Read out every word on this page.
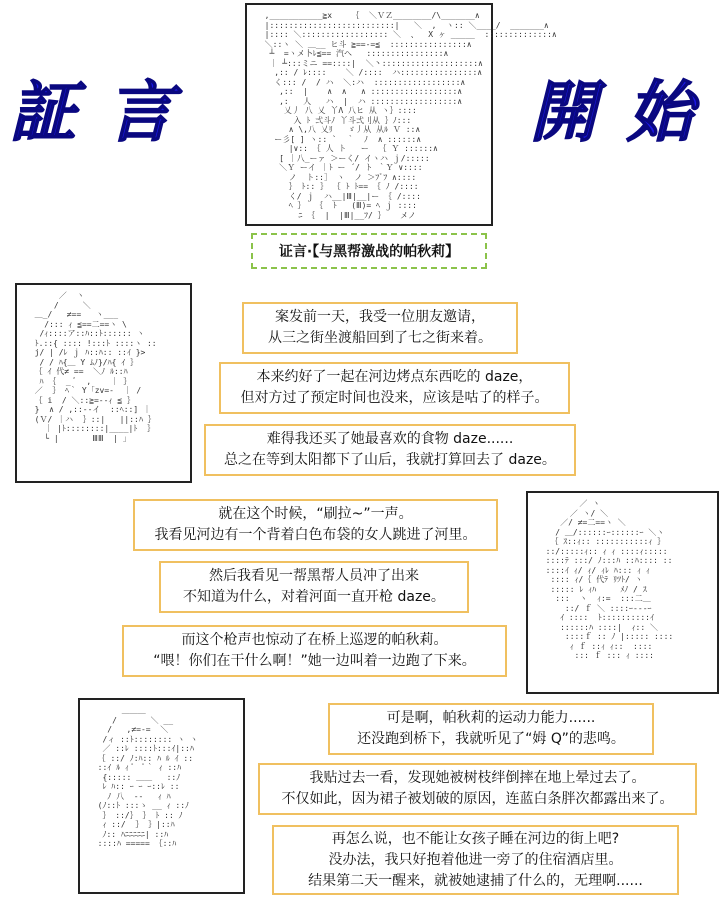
証 言	開 始
,___________≧x    ｛  ＼ＶＺ________/\_______∧
|::::::::::::::::::::::::::|   ＼  ,  ヽ:: ＼____/  _______∧
|:::: ＼:::::::::::::::::: ＼  、  X ヶ _____  ::::::::::::::∧
＼::ヽ ＼ ＿__ ヒ斗 ≧==-=≦  ::::::::::::::::∧
┴  =ヽメ卜ﾚ≦== 汽ヘ   ::::::::::::::::∧
｜ ┴:::ミニ ==::::|  ＼丶::::::::::::::::::::∧
,:: / ﾚ::::    ＼ /::::  ハ::::::::::::::::∧
く::: /  / ハ  ＼:ハ  ::::::::::::::::::∧
,::  |    ∧  ∧   ∧ ::::::::::::::::::∧
,:   人   ハ  |  ハ ::::::::::::::::::∧
乂丿 八 乂 丫Λ 八ヒ 从 ヽ｝::::
入 ﾄ 弍斗ﾉ 丫斗弍刂从 ｝ﾉ:::
∧ \,八 乂ﾘ   ゞ丿从 从ﾙ Ｖ ::∧
ー彡[ ] ヽ:: `  ｀  ﾉ  ∧ ::::::∧
|∨:: ｛ 人 ト   ー  ｛ Ｙ ::::::∧
[ ｜八_ーァ ＞ーく/ イヽハ ｊ/:::::
＼Ｙ ーイ ｜ﾄ ー ´/ ト ｀Ｙ ∨::::
ノ  ト::］ ヽ  ノ ＞ﾌﾞﾌ ∧::::
｝ ﾄ:: ｝ ｛ ﾄ ﾄ== ｛ ﾉ /::::
く/ ｊ  ハ__|Ⅲ|__|ー ｛ /::::
ﾍ ｝  ｛  ﾄ   (Ⅲ)= ﾍ ｊ ::::
ﾆ ｛  |  |Ⅲ|__ﾌ/ ｝   メノ
证言·【与黑帮激战的帕秋莉】
／  ヽ
/     ＼
＿_/   ≠==   ヽ___
/::: ｨ ≦==二==ヽ \
/ｨ::::ア::ﾊ::ﾄ:::::: ヽ
ﾄ.::{ :::: !:::ﾄ ::::ヽ ::
j/ | /ﾚ ｊ ﾊ::ﾊ:: ::ｲ }>
/ / ﾊ{＿ Y ﾑﾉ}/ﾊ{ ｲ ｝
｛ ｲ 代≠ ==  ＼ﾉ ﾙ::ﾊ
ﾊ ｛  _ ﾞ  ,    ｜ ｝
／  ｝ ﾍ｀ Y「zv=-  ｜ /
｛ i  / ＼::≧=--ｨ ≦ ｝
}  ∧ / ,::--イ  ::ﾍ::] ｜
(Ｖ/ ｜ハ  ｝::|   ||::ﾊ ｝
｜ |ﾄ::::::::|____|ﾄ  ｝
└ |       ⅢⅢ  | ｣
／ ヽ
／ ヽ/ ＼
／/ ≠=二==ヽ ＼
/ ＿/::::::ｰ::::::ｰ ＼ヽ
｛ ｽ::ｨ:: :::::::::::ｨ ｝
::/:::::ｨ:: ｨ ｨ ::::ｨ:::::
::::ﾃ :::/ ﾉ:::ﾊ ::ﾊ:::: ::
::::ｲ ｨ/ ｨ/ ｨﾚ ﾊ::: ｨ ｨ
:::: ｨ/｛ 代ﾃ ﾘﾂﾄ/ ヽ
::::: ﾚ ｨﾊ     ﾒﾉ / ｽ
:::  ヽ  ｨ:=  :::二＿
::/ ｆ ＼ ::::ｰ---ｰ
ｲ ::::  ﾄ::::::::::ｲ
::::::ﾊ ::::|  ｨ:: ＼
::::ｆ :: ﾉ |::::: ::::
ｨ ｆ ::ｨ ｨ::  ::::
::: ｆ ::: ｨ ::::
＿＿＿
/       ＼ __
/   ,≠=-=  ＼
/ィ ::ﾄ:::::::: ヽ ヽ
／ ::ﾚ ::::ﾄ:::ｲ|::ﾊ
｛ ::/ ﾉ:ﾊ:: ﾊ ﾙ ｲ ::
::ｲ ﾙ ｨ ﾟ  ﾟ｀ ｨ ::ﾊ
{::::: ＿＿   ::ﾉ
ﾚ ﾊ:: ｰ ｰ ｰ::ﾚ ::
ﾉ 八  ‐‐   ｨ ﾊ
(ﾉ::ﾄ :::ゝ __ ｨ ::ﾉ
｝ ::/｝ ｝ ﾄ :: ﾉ
ｨ ::/  ｝ ｝|::ﾊ
ﾉ:: ﾊﾆﾆﾆﾆﾆ| ::ﾊ
::::ﾊ ===== ｛::ﾊ
案发前一天，我受一位朋友邀请，
从三之街坐渡船回到了七之街来着。
本来约好了一起在河边烤点东西吃的 daze，
但对方过了预定时间也没来，应该是咕了的样子。
难得我还买了她最喜欢的食物 daze......
总之在等到太阳都下了山后，我就打算回去了 daze。
就在这个时候，“刷拉~”一声。
我看见河边有一个背着白色布袋的女人跳进了河里。
然后我看见一帮黑帮人员冲了出来
不知道为什么，对着河面一直开枪 daze。
而这个枪声也惊动了在桥上巡逻的帕秋莉。
“喂！你们在干什么啊！”她一边叫着一边跑了下来。
可是啊，帕秋莉的运动力能力......
还没跑到桥下，我就听见了“姆 Q”的悲鸣。
我贴过去一看，发现她被树枝绊倒摔在地上晕过去了。
不仅如此，因为裙子被划破的原因，连蓝白条胖次都露出来了。
再怎么说，也不能让女孩子睡在河边的街上吧?
没办法，我只好抱着他进一旁了的住宿酒店里。
结果第二天一醒来，就被她逮捕了什么的，无理啊......
